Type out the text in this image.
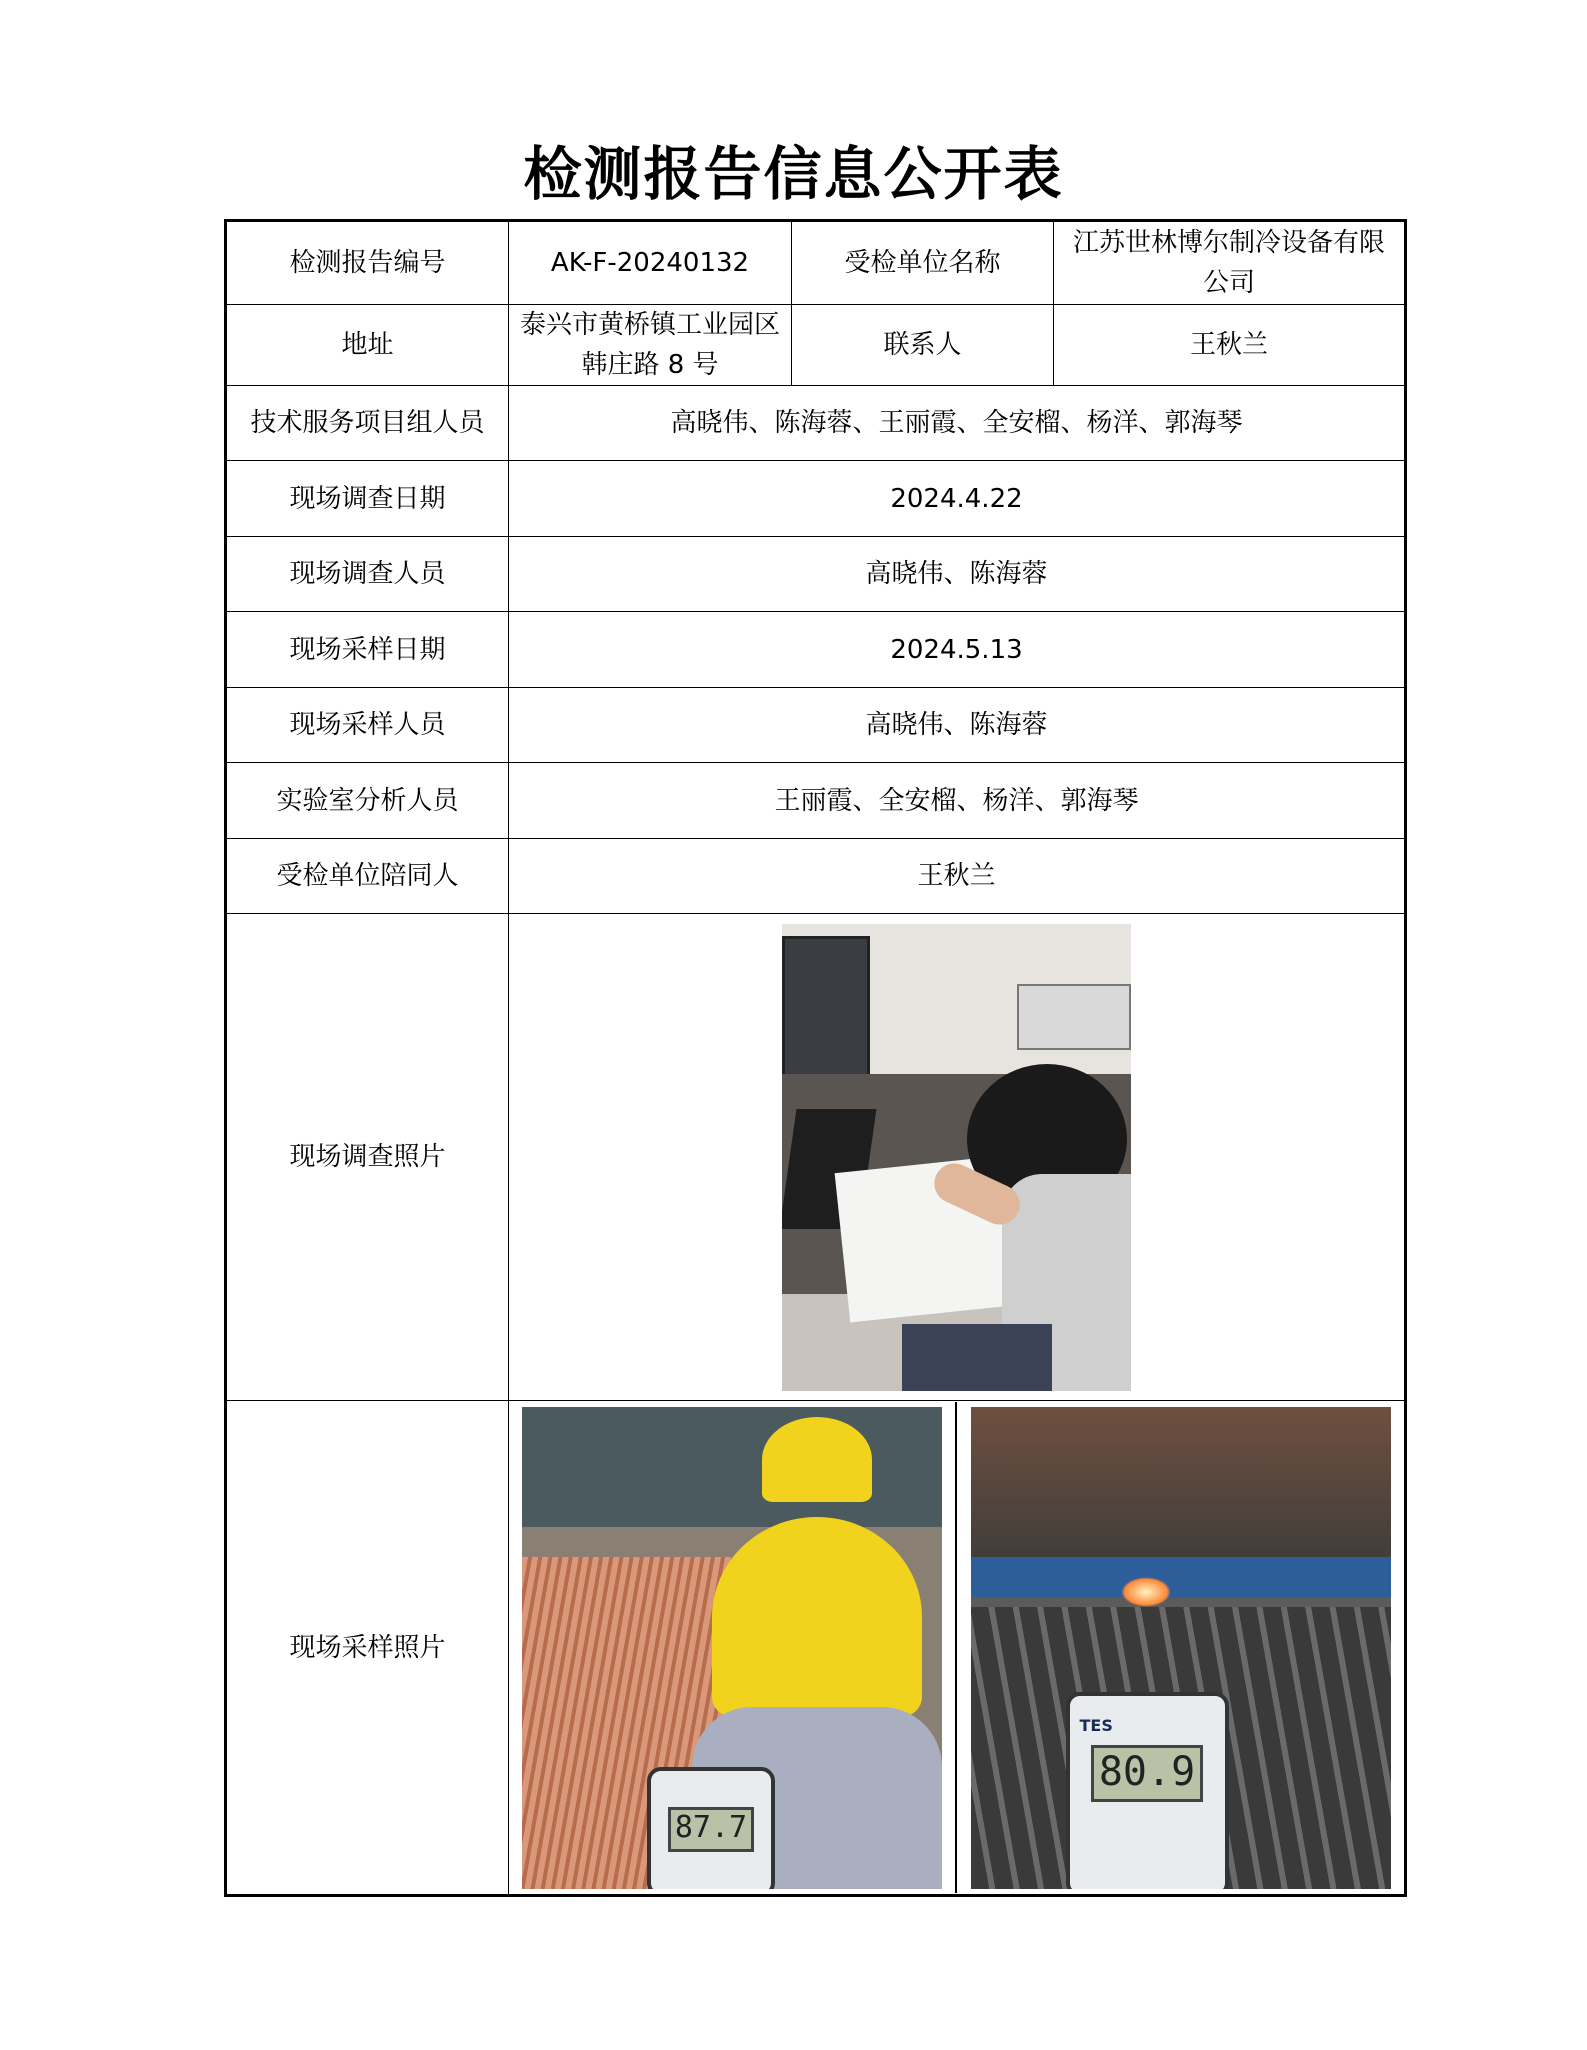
检测报告信息公开表
检测报告编号	AK-F-20240132	受检单位名称	江苏世林博尔制冷设备有限公司
地址	泰兴市黄桥镇工业园区韩庄路 8 号	联系人	王秋兰
技术服务项目组人员	高晓伟、陈海蓉、王丽霞、全安榴、杨洋、郭海琴		
现场调查日期	2024.4.22		
现场调查人员	高晓伟、陈海蓉		
现场采样日期	2024.5.13		
现场采样人员	高晓伟、陈海蓉		
实验室分析人员	王丽霞、全安榴、杨洋、郭海琴		
受检单位陪同人	王秋兰		
现场调查照片			

现场采样照片	87.7
TES
80.9		
